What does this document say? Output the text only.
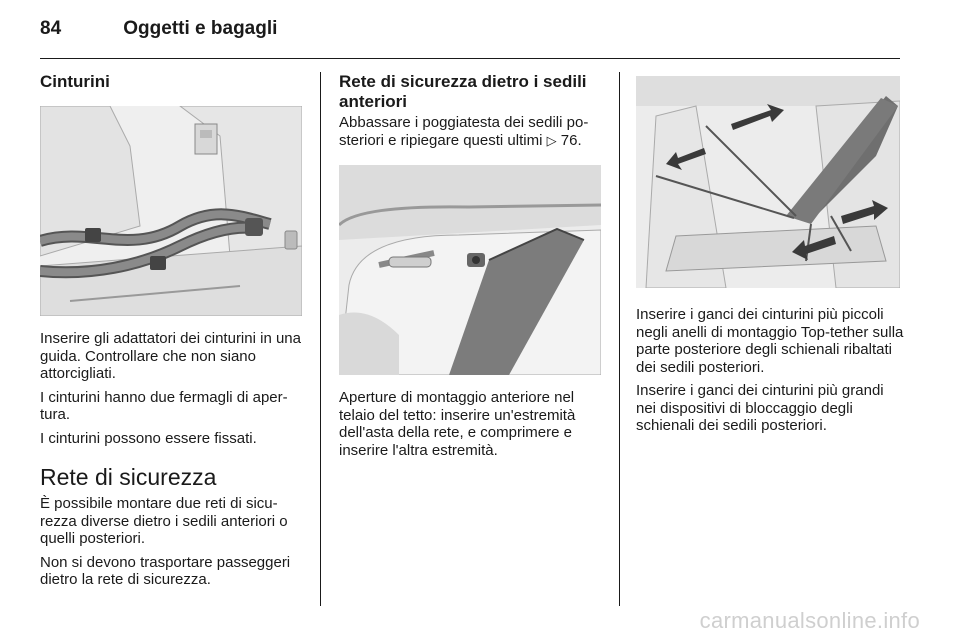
84	Oggetti e bagagli
Cinturini

Inserire gli adattatori dei cinturini in una guida. Controllare che non siano attorcigliati.

I cinturini hanno due fermagli di aper-tura.

I cinturini possono essere fissati.

Rete di sicurezza

È possibile montare due reti di sicu-rezza diverse dietro i sedili anteriori o quelli posteriori.

Non si devono trasportare passeggeri dietro la rete di sicurezza.

Rete di sicurezza dietro i sedili anteriori

Abbassare i poggiatesta dei sedili po-steriori e ripiegare questi ultimi ▷ 76.

Aperture di montaggio anteriore nel telaio del tetto: inserire un'estremità dell'asta della rete, e comprimere e inserire l'altra estremità.

Inserire i ganci dei cinturini più piccoli negli anelli di montaggio Top-tether sulla parte posteriore degli schienali ribaltati dei sedili posteriori.

Inserire i ganci dei cinturini più grandi nei dispositivi di bloccaggio degli schienali dei sedili posteriori.

carmanualsonline.info
